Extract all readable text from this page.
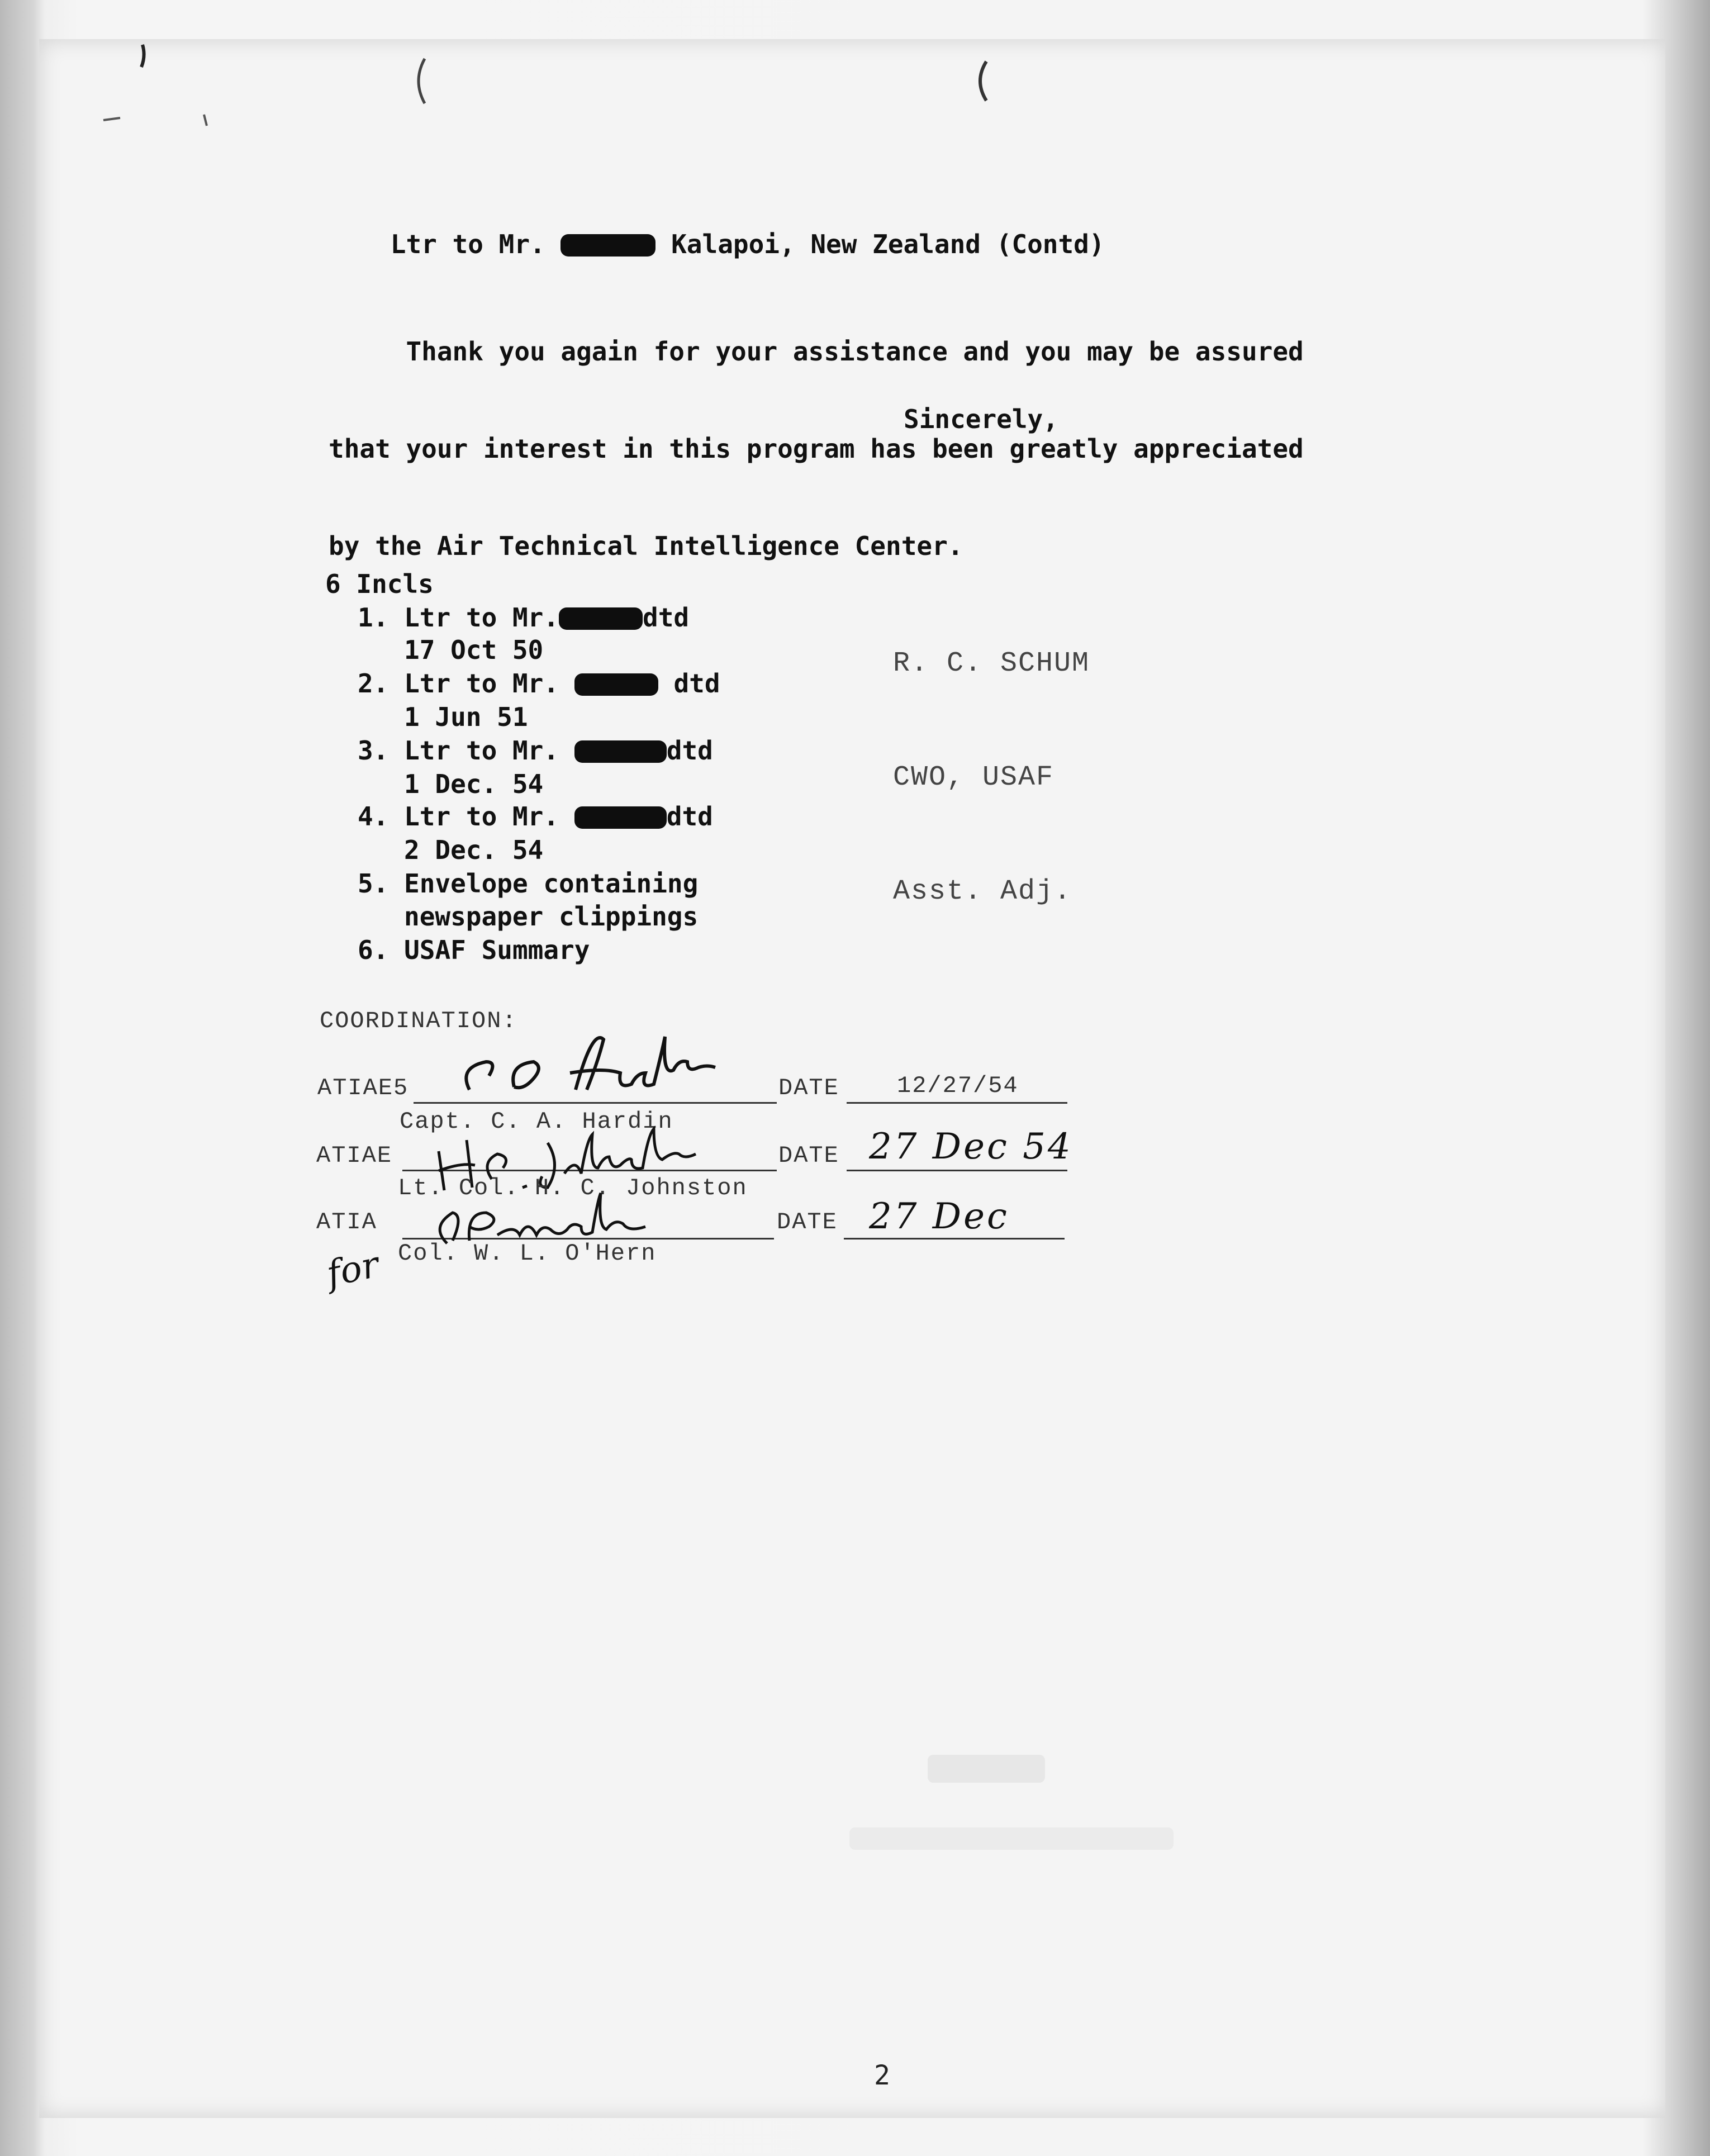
Ltr to Mr.	Kalapoi, New Zealand (Contd)

Thank you again for your assistance and you may be assured

that your interest in this program has been greatly appreciated

by the Air Technical Intelligence Center.

Sincerely,
6 Incls
1. Ltr to Mr.	dtd
17 Oct 50
2. Ltr to Mr.	dtd
1 Jun 51
3. Ltr to Mr.	dtd
1 Dec. 54
4. Ltr to Mr.	dtd
2 Dec. 54
5. Envelope containing
newspaper clippings
6. USAF Summary

R. C. SCHUM

CWO, USAF

Asst. Adj.

COORDINATION:
ATIAE5	DATE 12/27/54
Capt. C. A. Hardin
ATIAE	DATE 27 Dec 54
Lt. Col. H. C. Johnston
ATIA	DATE 27 Dec
Col. W. L. O'Hern
for
2
